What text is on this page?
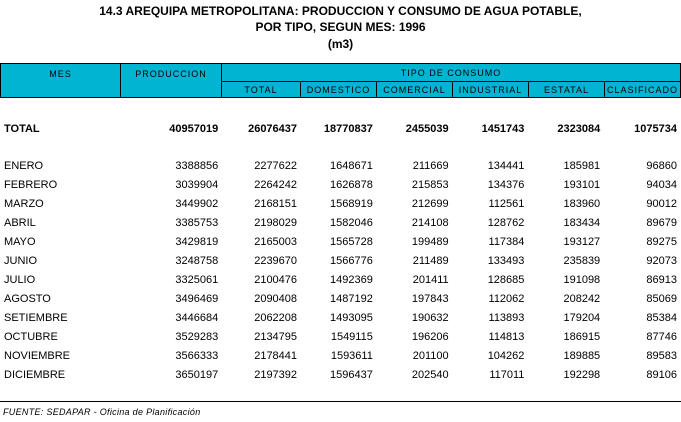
14.3 AREQUIPA METROPOLITANA: PRODUCCION Y CONSUMO DE AGUA POTABLE,
POR TIPO, SEGUN MES: 1996
(m3)
MES	PRODUCCION	TIPO DE CONSUMO
TOTAL	DOMESTICO	COMERCIAL	INDUSTRIAL	ESTATAL	CLASIFICADO
TOTAL	40957019	26076437	18770837	2455039	1451743	2323084	1075734

ENERO	3388856	2277622	1648671	211669	134441	185981	96860
FEBRERO	3039904	2264242	1626878	215853	134376	193101	94034
MARZO	3449902	2168151	1568919	212699	112561	183960	90012
ABRIL	3385753	2198029	1582046	214108	128762	183434	89679
MAYO	3429819	2165003	1565728	199489	117384	193127	89275
JUNIO	3248758	2239670	1566776	211489	133493	235839	92073
JULIO	3325061	2100476	1492369	201411	128685	191098	86913
AGOSTO	3496469	2090408	1487192	197843	112062	208242	85069
SETIEMBRE	3446684	2062208	1493095	190632	113893	179204	85384
OCTUBRE	3529283	2134795	1549115	196206	114813	186915	87746
NOVIEMBRE	3566333	2178441	1593611	201100	104262	189885	89583
DICIEMBRE	3650197	2197392	1596437	202540	117011	192298	89106
FUENTE: SEDAPAR - Oficina de Planificación
